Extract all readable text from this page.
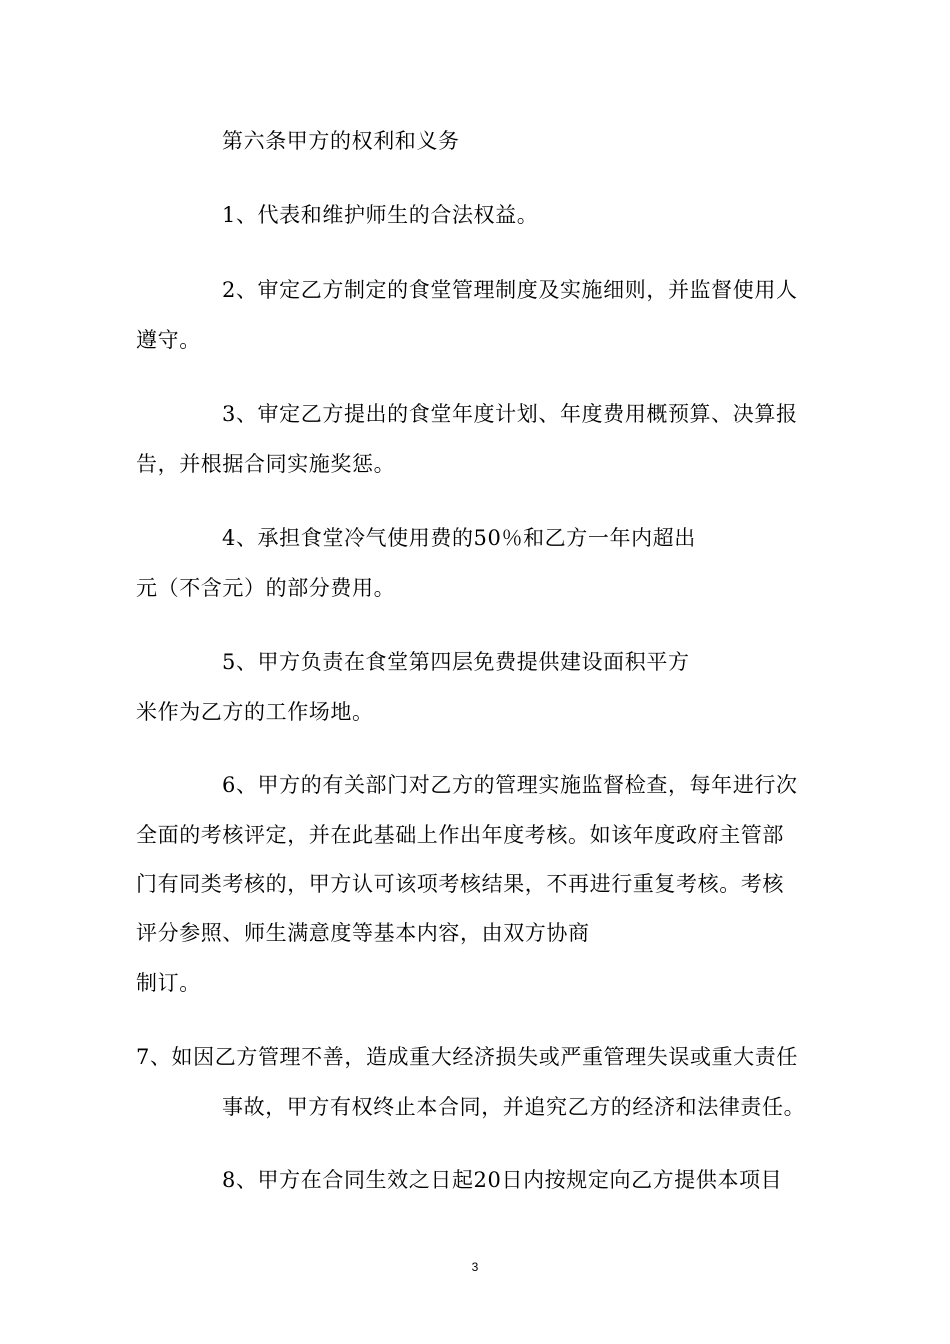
第六条甲方的权利和义务
1、代表和维护师生的合法权益。
2、审定乙方制定的食堂管理制度及实施细则，并监督使用人
遵守。
3、审定乙方提出的食堂年度计划、年度费用概预算、决算报
告，并根据合同实施奖惩。
4、承担食堂冷气使用费的50％和乙方一年内超出
元（不含元）的部分费用。
5、甲方负责在食堂第四层免费提供建设面积平方
米作为乙方的工作场地。
6、甲方的有关部门对乙方的管理实施监督检查，每年进行次
全面的考核评定，并在此基础上作出年度考核。如该年度政府主管部
门有同类考核的，甲方认可该项考核结果，不再进行重复考核。考核
评分参照、师生满意度等基本内容，由双方协商
制订。
7、如因乙方管理不善，造成重大经济损失或严重管理失误或重大责任
事故，甲方有权终止本合同，并追究乙方的经济和法律责任。
8、甲方在合同生效之日起20日内按规定向乙方提供本项目
3
